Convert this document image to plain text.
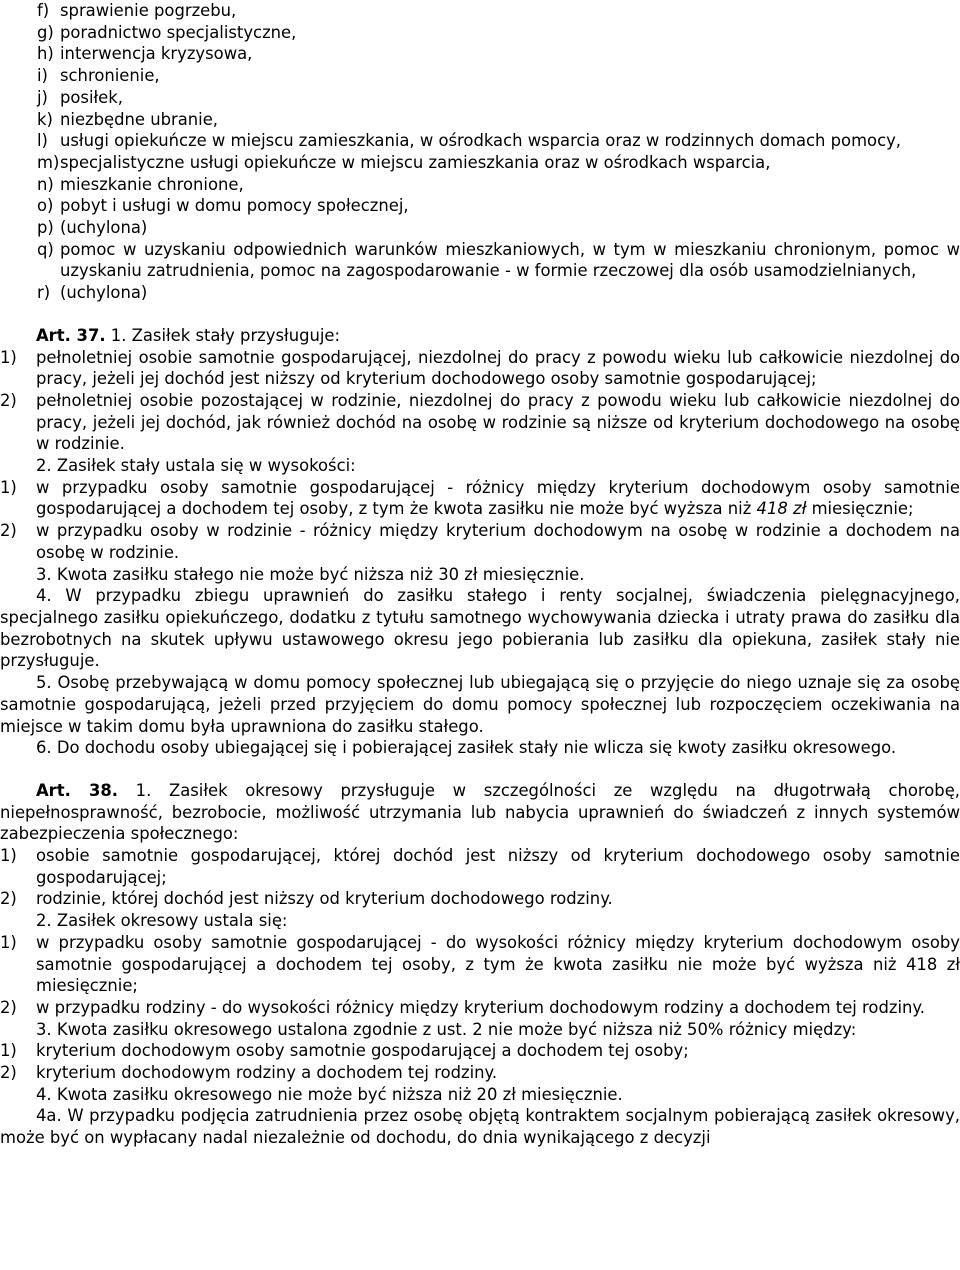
f) sprawienie pogrzebu,
g) poradnictwo specjalistyczne,
h) interwencja kryzysowa,
i) schronienie,
j) posiłek,
k) niezbędne ubranie,
l) usługi opiekuńcze w miejscu zamieszkania, w ośrodkach wsparcia oraz w rodzinnych domach pomocy,
m) specjalistyczne usługi opiekuńcze w miejscu zamieszkania oraz w ośrodkach wsparcia,
n) mieszkanie chronione,
o) pobyt i usługi w domu pomocy społecznej,
p) (uchylona)
q) pomoc w uzyskaniu odpowiednich warunków mieszkaniowych, w tym w mieszkaniu chronionym, pomoc w uzyskaniu zatrudnienia, pomoc na zagospodarowanie - w formie rzeczowej dla osób usamodzielnianych,
r) (uchylona)
Art. 37. 1. Zasiłek stały przysługuje:
1) pełnoletniej osobie samotnie gospodarującej, niezdolnej do pracy z powodu wieku lub całkowicie niezdolnej do pracy, jeżeli jej dochód jest niższy od kryterium dochodowego osoby samotnie gospodarującej;
2) pełnoletniej osobie pozostającej w rodzinie, niezdolnej do pracy z powodu wieku lub całkowicie niezdolnej do pracy, jeżeli jej dochód, jak również dochód na osobę w rodzinie są niższe od kryterium dochodowego na osobę w rodzinie.
2. Zasiłek stały ustala się w wysokości:
1) w przypadku osoby samotnie gospodarującej - różnicy między kryterium dochodowym osoby samotnie gospodarującej a dochodem tej osoby, z tym że kwota zasiłku nie może być wyższa niż 418 zł miesięcznie;
2) w przypadku osoby w rodzinie - różnicy między kryterium dochodowym na osobę w rodzinie a dochodem na osobę w rodzinie.
3. Kwota zasiłku stałego nie może być niższa niż 30 zł miesięcznie.
4. W przypadku zbiegu uprawnień do zasiłku stałego i renty socjalnej, świadczenia pielęgnacyjnego, specjalnego zasiłku opiekuńczego, dodatku z tytułu samotnego wychowywania dziecka i utraty prawa do zasiłku dla bezrobotnych na skutek upływu ustawowego okresu jego pobierania lub zasiłku dla opiekuna, zasiłek stały nie przysługuje.
5. Osobę przebywającą w domu pomocy społecznej lub ubiegającą się o przyjęcie do niego uznaje się za osobę samotnie gospodarującą, jeżeli przed przyjęciem do domu pomocy społecznej lub rozpoczęciem oczekiwania na miejsce w takim domu była uprawniona do zasiłku stałego.
6. Do dochodu osoby ubiegającej się i pobierającej zasiłek stały nie wlicza się kwoty zasiłku okresowego.
Art. 38. 1. Zasiłek okresowy przysługuje w szczególności ze względu na długotrwałą chorobę, niepełnosprawność, bezrobocie, możliwość utrzymania lub nabycia uprawnień do świadczeń z innych systemów zabezpieczenia społecznego:
1) osobie samotnie gospodarującej, której dochód jest niższy od kryterium dochodowego osoby samotnie gospodarującej;
2) rodzinie, której dochód jest niższy od kryterium dochodowego rodziny.
2. Zasiłek okresowy ustala się:
1) w przypadku osoby samotnie gospodarującej - do wysokości różnicy między kryterium dochodowym osoby samotnie gospodarującej a dochodem tej osoby, z tym że kwota zasiłku nie może być wyższa niż 418 zł miesięcznie;
2) w przypadku rodziny - do wysokości różnicy między kryterium dochodowym rodziny a dochodem tej rodziny.
3. Kwota zasiłku okresowego ustalona zgodnie z ust. 2 nie może być niższa niż 50% różnicy między:
1) kryterium dochodowym osoby samotnie gospodarującej a dochodem tej osoby;
2) kryterium dochodowym rodziny a dochodem tej rodziny.
4. Kwota zasiłku okresowego nie może być niższa niż 20 zł miesięcznie.
4a. W przypadku podjęcia zatrudnienia przez osobę objętą kontraktem socjalnym pobierającą zasiłek okresowy, może być on wypłacany nadal niezależnie od dochodu, do dnia wynikającego z decyzji
